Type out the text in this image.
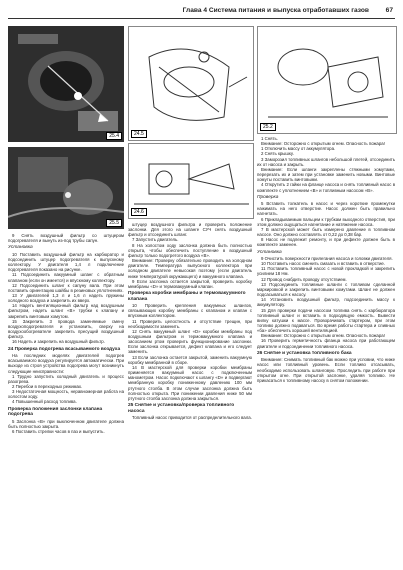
Глава 4 Система питания и выпуска отработавших газов	67
25.4
25.5

9 Снять воздушный фильтр со штуцером подогревателя и вынуть из-под трубы сапун.

Установка

10 Поставить воздушный фильтр на карбюратор и подсоединить штуцер подогревателя к выпускному коллектору. У двигателя 1,4 л подключение подогревателя показано на рисунке.

11 Подсоединить вакуумный шланг с обратным клапаном (если он имеется) и впускному коллектору.

12 Подсоединить шланг к сапуну вала. При этом поставить ориентацию шайбы в резиновых уплотнениях.

13 У двигателей 1,3 л и 1,6 л надеть пружины холодного воздуха и закрепить их вверх.

14 Надеть вентиляционный фильтр над воздушным фильтром, надеть шланг «В» трубки к клапану и закрепить винтовым хомутом.

15 Закрепить 3 провода заменяемые смену воздухоподогревателя и установить, сверху на воздухообогревателе закрепить пресущий воздушный фильтр.

16 Надеть и закрепить на воздушный фильтр.

24 Проверка подогрева всасываемого воздуха

На последних моделях двигателей подогрев всасываемого воздуха регулируется автоматически. При выходе из строя устройства подогрева могут возникнуть следующие неисправности:

1 Трудно запустить холодный двигатель и процесс разогрева.

2 Перебои в переходных режимах.

3 Недостаточная мощность, неравномерная работа на холостом ходу.

4 Повышенный расход топлива.

Проверка положения заслонки клапана подогрева

5 Заслонка «В» при выключенном двигателе должна быть полностью закрыта.

6 Поставить стрелки часов в паз и выпустить.

24.5
24.6

штуцер воздушного фильтра и проверить положение заслонки. Для этого на шланге СУЧ снять воздушный фильтр и отсоединить шланг.

7 Запустить двигатель.

8 На холостом ходу заслонка должна быть полностью открыта, чтобы обеспечить поступление в воздушный фильтр только подогретого воздуха «В».

Внимание: Проверку обязательно проводить на холодном двигателе. Температура выпускного коллектора при холодном двигателе невысокая поэтому (если двигатель ниже температурой окружающего) и вакуумного клапана.

9 Если заслонка остается закрытой, проверить коробку мембраны «D» и термовакуумный клапан.

Проверка коробки мембраны и термовакуумного клапана

10 Проверить крепления вакуумных шлангов, связывающих коробку мембраны с клапаном и клапан с впускным коллектором.

11 Проверить целостность и отсутствие трещин, при необходимости заменить.

12 Снять вакуумный шланг «D» коробки мембраны под воздушным фильтром и термовакуумного клапана и засосанием ртом проверить функционирование заслонки. Если заслонка открывается, дефект клапана и его следует заменить.

13 Если заслонка остается закрытой, заменить вакуумную коробку мембранной в сборе.

14 В мастерской для проверки коробки мембраны применяется вакуумный насос с подключенным манометром. Насос подключают к шлангу «D» и подвергают мембранную коробку пониженному давлению 100 мм ртутного столба. В этом случае заслонка должна быть полностью открыта. При понижении давления ниже 50 мм ртутного столба заслонка должна закрыться.

25 Снятие и установка/проверка топливного насоса

Топливный насос приводится от распределительного вала.

25.2

1 Снять.

Внимание: Осторожно с открытым огнем. Опасность пожара!

1 Отключить массу от аккумулятора.

2 Снять крышку.

3 Заморозил топливных шлангов небольшой плетей, отсоединить их от насоса и закрыть.

Внимание: Если шланги закреплены стяжными хомутами, перерезать их и затем при установке заменить новыми. Винтовые хомуты поставить винтовыми.

4 Открутить 2 гайки на фланце насоса и снять топливный насос в комплекте с уплотнением «B» и топливным насосом «B».

Проверка

5 Вставить толкатель в насос и через короткие промежутки нажимать на него отверстие. Насос должен быть правильно нагнетать.

6 Прикладываемым пальцем к трубкам выходного отверстия, при этом должно ощущаться нагнетание и натяжение насоса.

7 В мастерской может быть измерено давление в топливном насосе. Оно должно составлять от 0,22 до 0,38 бар.

8 Насос не подлежит ремонту, и при дефекте должен быть в комплекте заменен.

Установка

9 Очистить поверхности прилегания насоса и головки двигателя.

10 Поставить насос сменить смазать и вставить в отверстие.

11 Поставить топливный насос с новой прокладкой и закрепить усилием 18 Нм.

12 Провод снабдить проводу отсутствием.

13 Подсоединить топливные шланги с топливом сделанной маркировкой и закрепить винтовыми хомутами. Шланг не должен подсасываться к насосу.

14 Установить воздушный фильтр, подсоединить массу к аккумулятору.

15 Для проверки подачи насосом топлива снять с карбюратора топливный шланг и вставить в подходящую емкость. Вывести вилку катушки к массе. Проворачивать стартером, при этом топливо должно подаваться. Во время работы стартера и сливных «ба» обеспечить хорошей вентиляцией.

Внимание: Осторожно с открытым огнем. Опасность пожара!

16 Проверить герметичность фланца насоса при работающем двигателе и подсоединении топливного насоса.

26 Снятие и установка топливного бака

Внимание: Снимать топливный бак можно при условии, что ниже насос или топливный уровень. Если топливо отсасывать, необходимо использовать шланговую. Проследить при работе при открытом огне. При открытой заслонке, удаляя топливо. Не прикасаться к топливному насосу в снятом положении.
